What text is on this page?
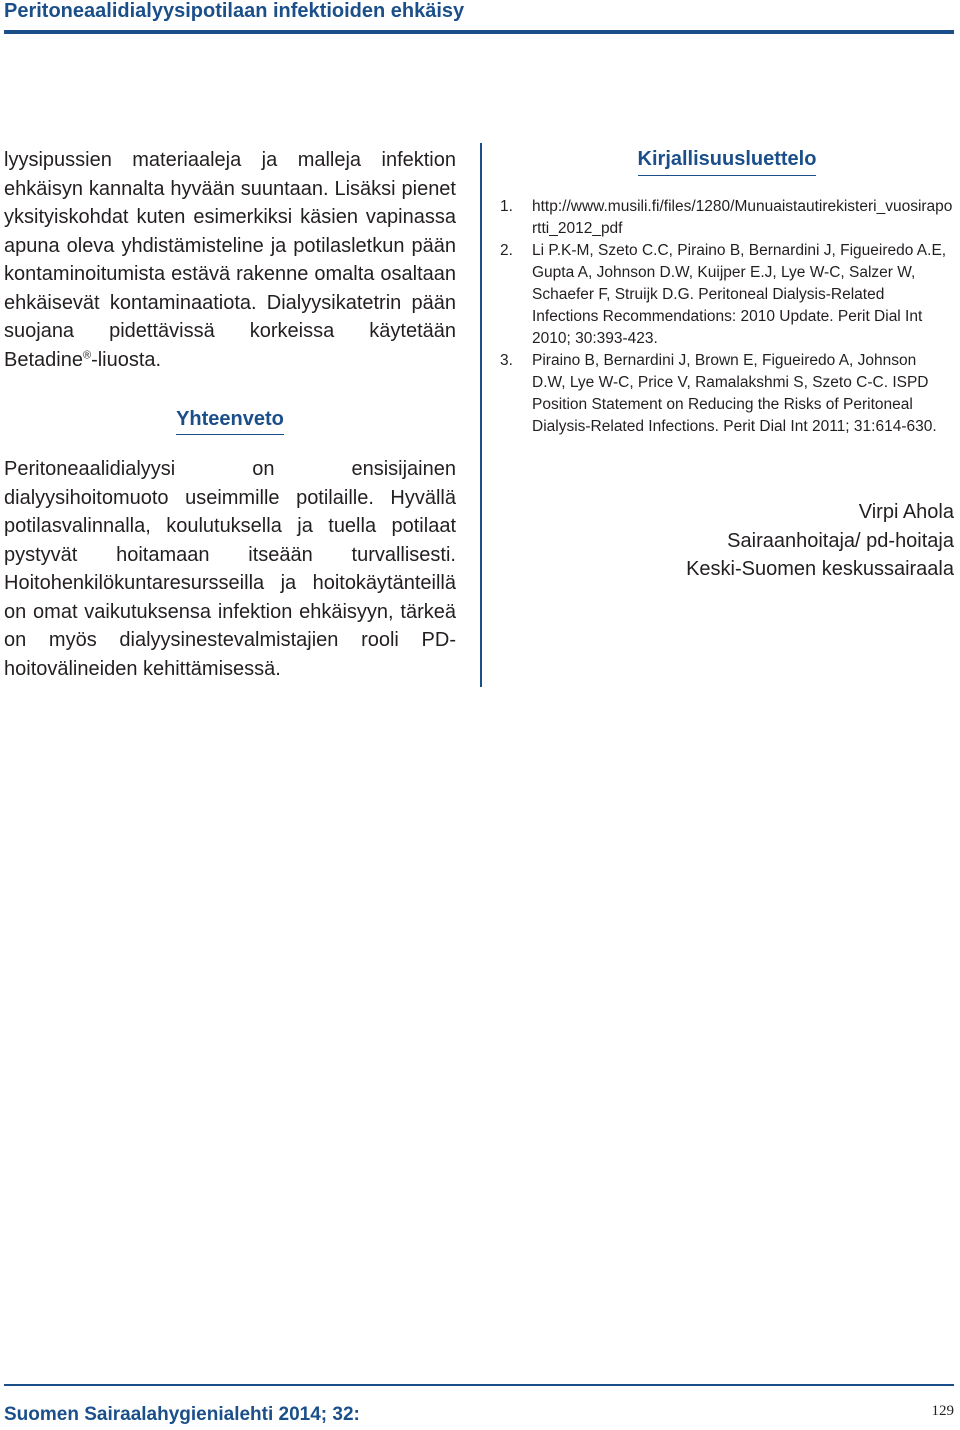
Peritoneaalidialyysipotilaan infektioiden ehkäisy

lyysipussien materiaaleja ja malleja infektion ehkäisyn kannalta hyvään suuntaan. Lisäksi pienet yksityiskohdat kuten esimerkiksi käsien vapinassa apuna oleva yhdistämisteline ja potilasletkun pään kontaminoitumista estävä rakenne omalta osaltaan ehkäisevät kontaminaatiota. Dialyysikatetrin pään suojana pidettävissä korkeissa käytetään Betadine®-liuosta.

Yhteenveto

Peritoneaalidialyysi on ensisijainen dialyysihoitomuoto useimmille potilaille. Hyvällä potilasvalinnalla, koulutuksella ja tuella potilaat pystyvät hoitamaan itseään turvallisesti. Hoitohenkilökuntaresursseilla ja hoitokäytänteillä on omat vaikutuksensa infektion ehkäisyyn, tärkeä on myös dialyysinestevalmistajien rooli PD-hoitovälineiden kehittämisessä.

Kirjallisuusluettelo
1.	http://www.musili.fi/files/1280/Munuaistautirekisteri_vuosiraportti_2012_pdf
2.	Li P.K-M, Szeto C.C, Piraino B, Bernardini J, Figueiredo A.E, Gupta A, Johnson D.W, Kuijper E.J, Lye W-C, Salzer W, Schaefer F, Struijk D.G. Peritoneal Dialysis-Related Infections Recommendations: 2010 Update. Perit Dial Int 2010; 30:393-423.
3.	Piraino B, Bernardini J, Brown E, Figueiredo A, Johnson D.W, Lye W-C, Price V, Ramalakshmi S, Szeto C-C. ISPD Position Statement on Reducing the Risks of Peritoneal Dialysis-Related Infections. Perit Dial Int 2011; 31:614-630.
Virpi Ahola
Sairaanhoitaja/ pd-hoitaja
Keski-Suomen keskussairaala
Suomen Sairaalahygienialehti 2014; 32:	129
